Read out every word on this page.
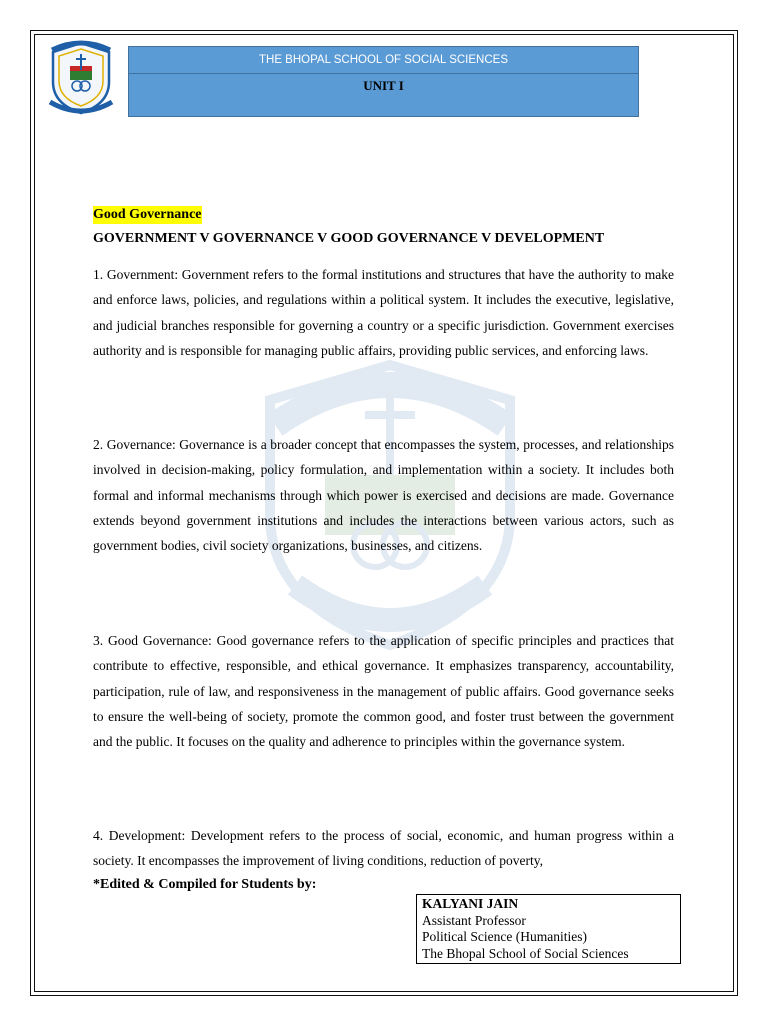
THE BHOPAL SCHOOL OF SOCIAL SCIENCES
UNIT I
Good Governance
GOVERNMENT V GOVERNANCE V GOOD GOVERNANCE V DEVELOPMENT

1. Government: Government refers to the formal institutions and structures that have the authority to make and enforce laws, policies, and regulations within a political system. It includes the executive, legislative, and judicial branches responsible for governing a country or a specific jurisdiction. Government exercises authority and is responsible for managing public affairs, providing public services, and enforcing laws.

2. Governance: Governance is a broader concept that encompasses the system, processes, and relationships involved in decision-making, policy formulation, and implementation within a society. It includes both formal and informal mechanisms through which power is exercised and decisions are made. Governance extends beyond government institutions and includes the interactions between various actors, such as government bodies, civil society organizations, businesses, and citizens.

3. Good Governance: Good governance refers to the application of specific principles and practices that contribute to effective, responsible, and ethical governance. It emphasizes transparency, accountability, participation, rule of law, and responsiveness in the management of public affairs. Good governance seeks to ensure the well-being of society, promote the common good, and foster trust between the government and the public. It focuses on the quality and adherence to principles within the governance system.

4. Development: Development refers to the process of social, economic, and human progress within a society. It encompasses the improvement of living conditions, reduction of poverty,

*Edited & Compiled for Students by:
KALYANI JAIN
Assistant Professor
Political Science (Humanities)
The Bhopal School of Social Sciences
